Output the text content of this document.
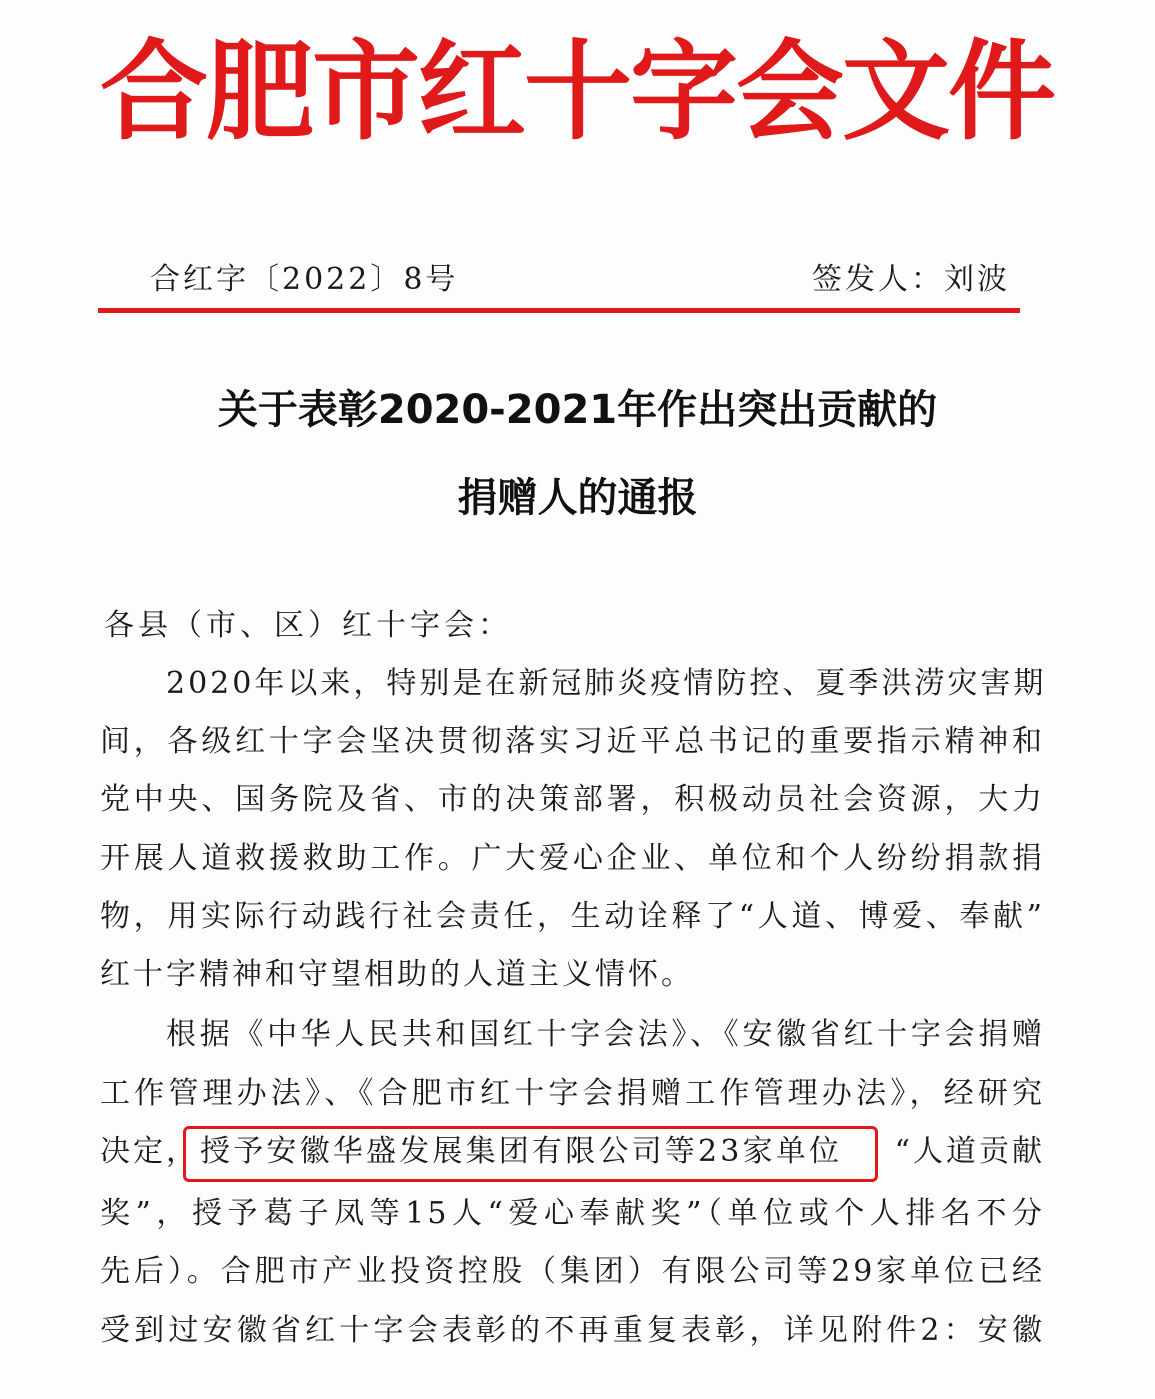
合肥市红十字会文件
合红字〔2022〕8号	签发人：刘波
关于表彰2020-2021年作出突出贡献的
捐赠人的通报
各县（市、区）红十字会：
2020年以来，特别是在新冠肺炎疫情防控、夏季洪涝灾害期
间，各级红十字会坚决贯彻落实习近平总书记的重要指示精神和
党中央、国务院及省、市的决策部署，积极动员社会资源，大力
开展人道救援救助工作。广大爱心企业、单位和个人纷纷捐款捐
物，用实际行动践行社会责任，生动诠释了“人道、博爱、奉献”
红十字精神和守望相助的人道主义情怀。
根据《中华人民共和国红十字会法》、《安徽省红十字会捐赠
工作管理办法》、《合肥市红十字会捐赠工作管理办法》，经研究
决定， 授予安徽华盛发展集团有限公司等23家单位 “人道贡献
奖”，授予葛子凤等15人“爱心奉献奖”（单位或个人排名不分
先后）。合肥市产业投资控股（集团）有限公司等29家单位已经
受到过安徽省红十字会表彰的不再重复表彰，详见附件2：安徽
